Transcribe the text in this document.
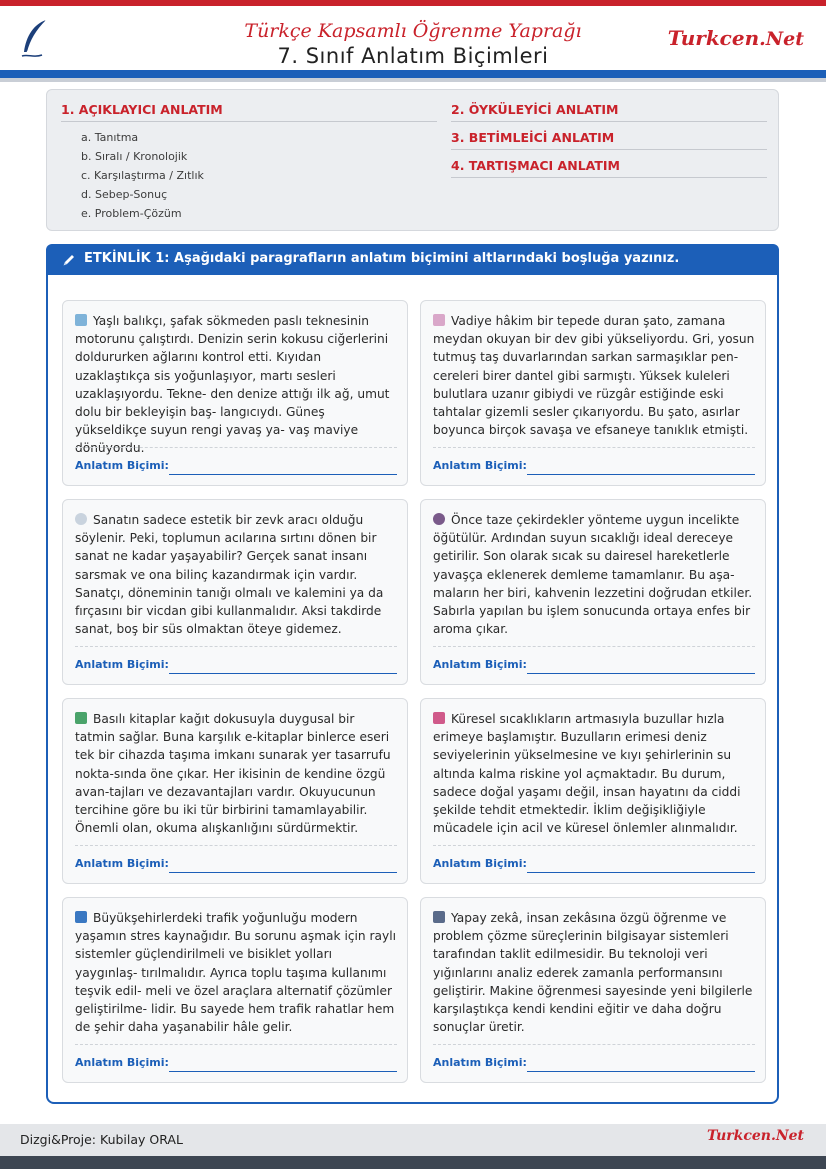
Türkçe Kapsamlı Öğrenme Yaprağı
7. Sınıf Anlatım Biçimleri
Turkcen.Net
1. AÇIKLAYICI ANLATIM
a. Tanıtma
b. Sıralı / Kronolojik
c. Karşılaştırma / Zıtlık
d. Sebep-Sonuç
e. Problem-Çözüm
2. ÖYKÜLEYİCİ ANLATIM
3. BETİMLEİCİ ANLATIM
4. TARTIŞMACI ANLATIM
ETKİNLİK 1: Aşağıdaki paragrafların anlatım biçimini altlarındaki boşluğa yazınız.
Yaşlı balıkçı, şafak sökmeden paslı teknesinin motorunu çalıştırdı. Denizin serin kokusu ciğerlerini doldururken ağlarını kontrol etti. Kıyıdan uzaklaştıkça sis yoğunlaşıyor, martı sesleri uzaklaşıyordu. Tekne- den denize attığı ilk ağ, umut dolu bir bekleyişin baş- langıcıydı. Güneş yükseldikçe suyun rengi yavaş ya- vaş maviye dönüyordu.
Anlatım Biçimi:
Vadiye hâkim bir tepede duran şato, zamana meydan okuyan bir dev gibi yükseliyordu. Gri, yosun tutmuş taş duvarlarından sarkan sarmaşıklar pen- cereleri birer dantel gibi sarmıştı. Yüksek kuleleri bulutlara uzanır gibiydi ve rüzgâr estiğinde eski tahtalar gizemli sesler çıkarıyordu. Bu şato, asırlar boyunca birçok savaşa ve efsaneye tanıklık etmişti.
Anlatım Biçimi:
Sanatın sadece estetik bir zevk aracı olduğu söylenir. Peki, toplumun acılarına sırtını dönen bir sanat ne kadar yaşayabilir? Gerçek sanat insanı sarsmak ve ona bilinç kazandırmak için vardır. Sanatçı, döneminin tanığı olmalı ve kalemini ya da fırçasını bir vicdan gibi kullanmalıdır. Aksi takdirde sanat, boş bir süs olmaktan öteye gidemez.
Anlatım Biçimi:
Önce taze çekirdekler yönteme uygun incelikte öğütülür. Ardından suyun sıcaklığı ideal dereceye getirilir. Son olarak sıcak su dairesel hareketlerle yavaşça eklenerek demleme tamamlanır. Bu aşa- maların her biri, kahvenin lezzetini doğrudan etkiler. Sabırla yapılan bu işlem sonucunda ortaya enfes bir aroma çıkar.
Anlatım Biçimi:
Basılı kitaplar kağıt dokusuyla duygusal bir tatmin sağlar. Buna karşılık e-kitaplar binlerce eseri tek bir cihazda taşıma imkanı sunarak yer tasarrufu nokta-sında öne çıkar. Her ikisinin de kendine özgü avan-tajları ve dezavantajları vardır. Okuyucunun tercihine göre bu iki tür birbirini tamamlayabilir. Önemli olan, okuma alışkanlığını sürdürmektir.
Anlatım Biçimi:
Küresel sıcaklıkların artmasıyla buzullar hızla erimeye başlamıştır. Buzulların erimesi deniz seviyelerinin yükselmesine ve kıyı şehirlerinin su altında kalma riskine yol açmaktadır. Bu durum, sadece doğal yaşamı değil, insan hayatını da ciddi şekilde tehdit etmektedir. İklim değişikliğiyle mücadele için acil ve küresel önlemler alınmalıdır.
Anlatım Biçimi:
Büyükşehirlerdeki trafik yoğunluğu modern yaşamın stres kaynağıdır. Bu sorunu aşmak için raylı sistemler güçlendirilmeli ve bisiklet yolları yaygınlaş- tırılmalıdır. Ayrıca toplu taşıma kullanımı teşvik edil- meli ve özel araçlara alternatif çözümler geliştirilme- lidir. Bu sayede hem trafik rahatlar hem de şehir daha yaşanabilir hâle gelir.
Anlatım Biçimi:
Yapay zekâ, insan zekâsına özgü öğrenme ve problem çözme süreçlerinin bilgisayar sistemleri tarafından taklit edilmesidir. Bu teknoloji veri yığınlarını analiz ederek zamanla performansını geliştirir. Makine öğrenmesi sayesinde yeni bilgilerle karşılaştıkça kendi kendini eğitir ve daha doğru sonuçlar üretir.
Anlatım Biçimi:
Dizgi&Proje: Kubilay ORAL	Turkcen.Net
